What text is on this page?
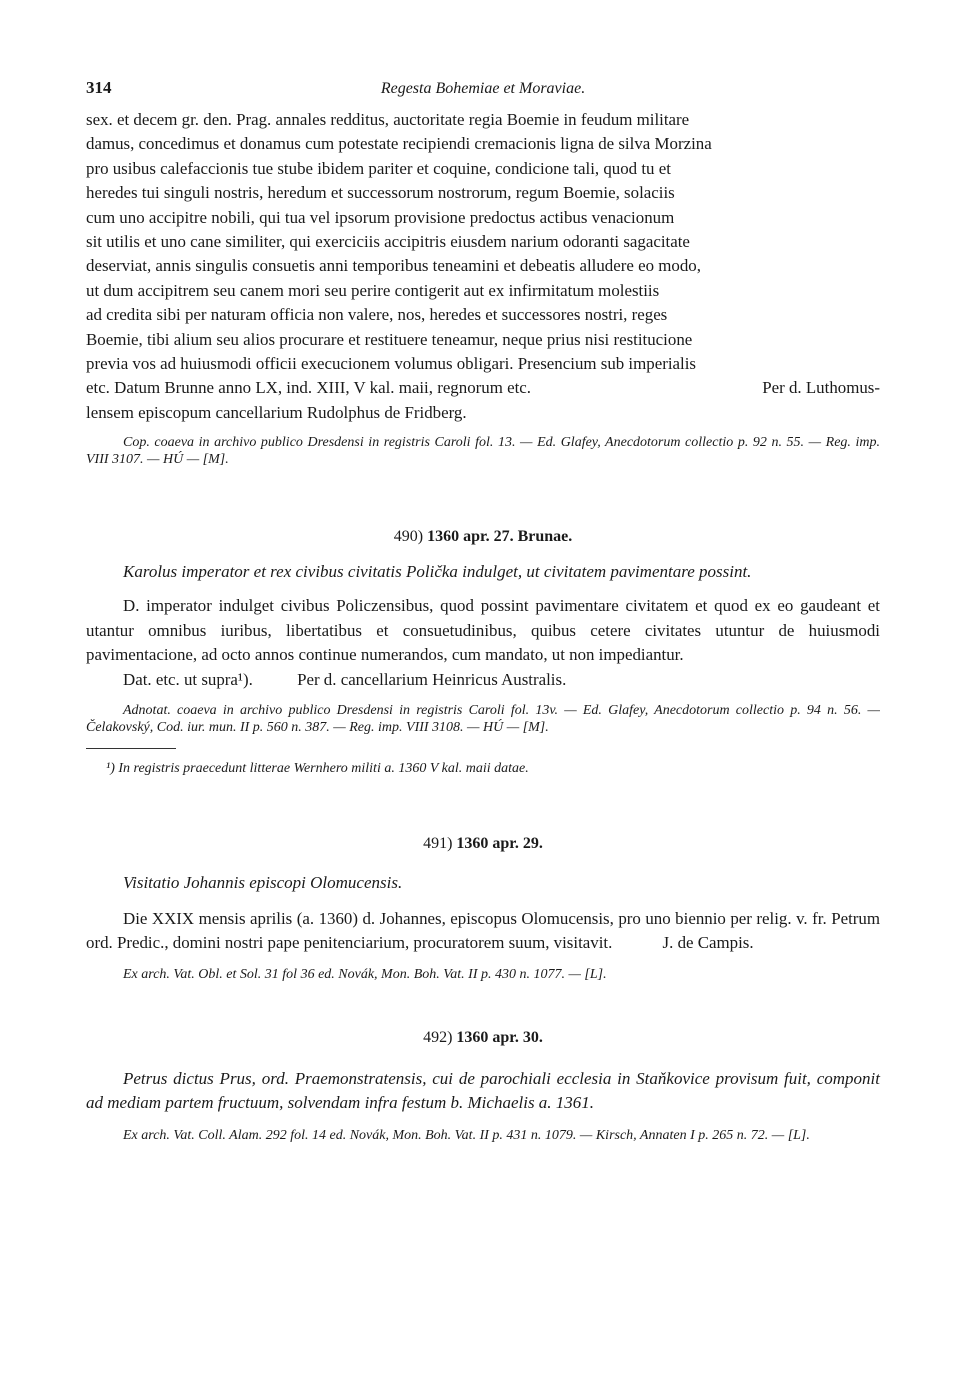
314	Regesta Bohemiae et Moraviae.
sex. et decem gr. den. Prag. annales redditus, auctoritate regia Boemie in feudum militare
damus, concedimus et donamus cum potestate recipiendi cremacionis ligna de silva Morzina
pro usibus calefaccionis tue stube ibidem pariter et coquine, condicione tali, quod tu et
heredes tui singuli nostris, heredum et successorum nostrorum, regum Boemie, solaciis
cum uno accipitre nobili, qui tua vel ipsorum provisione predoctus actibus venacionum
sit utilis et uno cane similiter, qui exerciciis accipitris eiusdem narium odoranti sagacitate
deserviat, annis singulis consuetis anni temporibus teneamini et debeatis alludere eo modo,
ut dum accipitrem seu canem mori seu perire contigerit aut ex infirmitatum molestiis
ad credita sibi per naturam officia non valere, nos, heredes et successores nostri, reges
Boemie, tibi alium seu alios procurare et restituere teneamur, neque prius nisi restitucione
previa vos ad huiusmodi officii execucionem volumus obligari. Presencium sub imperialis
etc. Datum Brunne anno LX, ind. XIII, V kal. maii, regnorum etc.	Per d. Luthomus-
lensem episcopum cancellarium Rudolphus de Fridberg.

Cop. coaeva in archivo publico Dresdensi in registris Caroli fol. 13. — Ed. Glafey, Anecdotorum collectio p. 92 n. 55. — Reg. imp. VIII 3107. — HÚ — [M].

490) 1360 apr. 27. Brunae.

Karolus imperator et rex civibus civitatis Polička indulget, ut civitatem pavimentare possint.

D. imperator indulget civibus Policzensibus, quod possint pavimentare civitatem et quod ex eo gaudeant et utantur omnibus iuribus, libertatibus et consuetudinibus, quibus cetere civitates utuntur de huiusmodi pavimentacione, ad octo annos continue numerandos, cum mandato, ut non impediantur.

Dat. etc. ut supra¹).	Per d. cancellarium Heinricus Australis.

Adnotat. coaeva in archivo publico Dresdensi in registris Caroli fol. 13v. — Ed. Glafey, Anecdotorum collectio p. 94 n. 56. — Čelakovský, Cod. iur. mun. II p. 560 n. 387. — Reg. imp. VIII 3108. — HÚ — [M].

¹) In registris praecedunt litterae Wernhero militi a. 1360 V kal. maii datae.

491) 1360 apr. 29.

Visitatio Johannis episcopi Olomucensis.

Die XXIX mensis aprilis (a. 1360) d. Johannes, episcopus Olomucensis, pro uno biennio per relig. v. fr. Petrum ord. Predic., domini nostri pape penitenciarium, procuratorem suum, visitavit.	J. de Campis.

Ex arch. Vat. Obl. et Sol. 31 fol 36 ed. Novák, Mon. Boh. Vat. II p. 430 n. 1077. — [L].

492) 1360 apr. 30.

Petrus dictus Prus, ord. Praemonstratensis, cui de parochiali ecclesia in Staňkovice provisum fuit, componit ad mediam partem fructuum, solvendam infra festum b. Michaelis a. 1361.

Ex arch. Vat. Coll. Alam. 292 fol. 14 ed. Novák, Mon. Boh. Vat. II p. 431 n. 1079. — Kirsch, Annaten I p. 265 n. 72. — [L].
